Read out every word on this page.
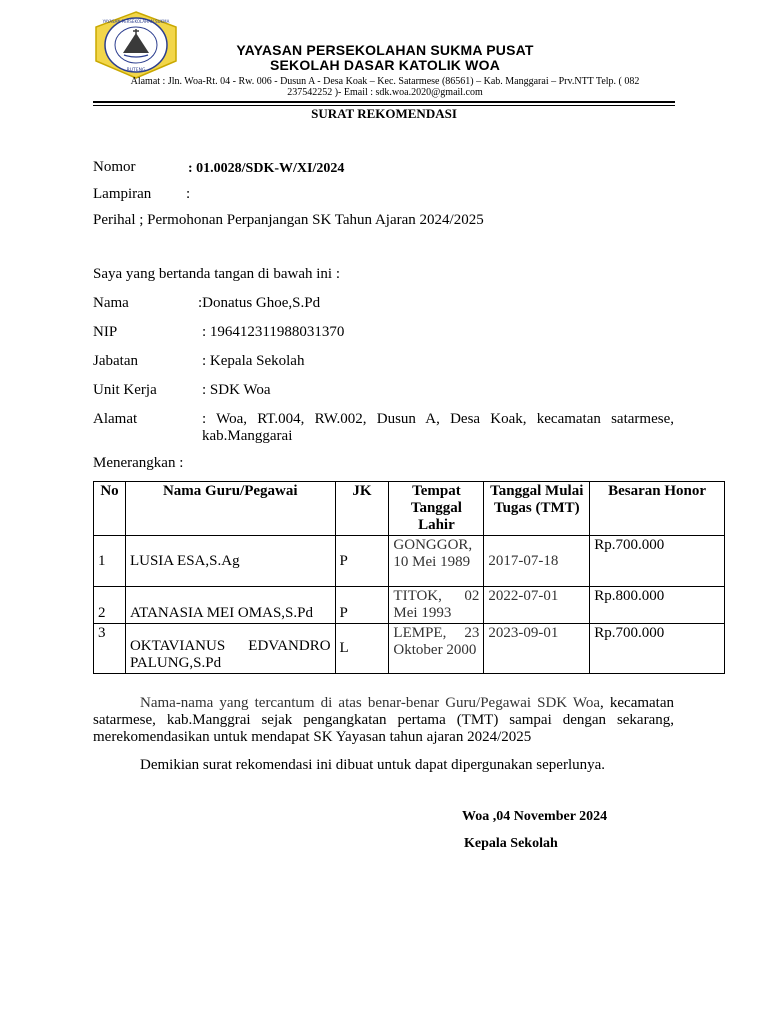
YAYASAN PERSEKOLAHAN SUKMA
RUTENG
YAYASAN PERSEKOLAHAN SUKMA PUSAT
SEKOLAH DASAR KATOLIK WOA
Alamat : Jln. Woa-Rt. 04 - Rw. 006 - Dusun A - Desa Koak – Kec. Satarmese (86561) – Kab. Manggarai – Prv.NTT Telp. ( 082
237542252 )- Email : sdk.woa.2020@gmail.com
SURAT REKOMENDASI
Nomor	: 01.0028/SDK-W/XI/2024
Lampiran :
Perihal ; Permohonan Perpanjangan SK Tahun Ajaran 2024/2025
Saya yang bertanda tangan di bawah ini :
Nama	:Donatus Ghoe,S.Pd
NIP	: 196412311988031370
Jabatan	: Kepala Sekolah
Unit Kerja	: SDK Woa
Alamat	: Woa, RT.004, RW.002, Dusun A, Desa Koak, kecamatan satarmese,
kab.Manggarai
Menerangkan :
No	Nama Guru/Pegawai	JK	Tempat Tanggal Lahir	Tanggal Mulai Tugas (TMT)	Besaran Honor
1	LUSIA ESA,S.Ag	P	GONGGOR, 10 Mei 1989	2017-07-18	Rp.700.000
2	ATANASIA MEI OMAS,S.Pd	P	TITOK, 02 Mei 1993	2022-07-01	Rp.800.000
3	OKTAVIANUS EDVANDRO PALUNG,S.Pd	L	LEMPE, 23 Oktober 2000	2023-09-01	Rp.700.000
Nama-nama yang tercantum di atas benar-benar Guru/Pegawai SDK Woa, kecamatan satarmese, kab.Manggrai sejak pengangkatan pertama (TMT) sampai dengan sekarang, merekomendasikan untuk mendapat SK Yayasan tahun ajaran 2024/2025
Demikian surat rekomendasi ini dibuat untuk dapat dipergunakan seperlunya.
Woa ,04 November 2024
Kepala Sekolah
